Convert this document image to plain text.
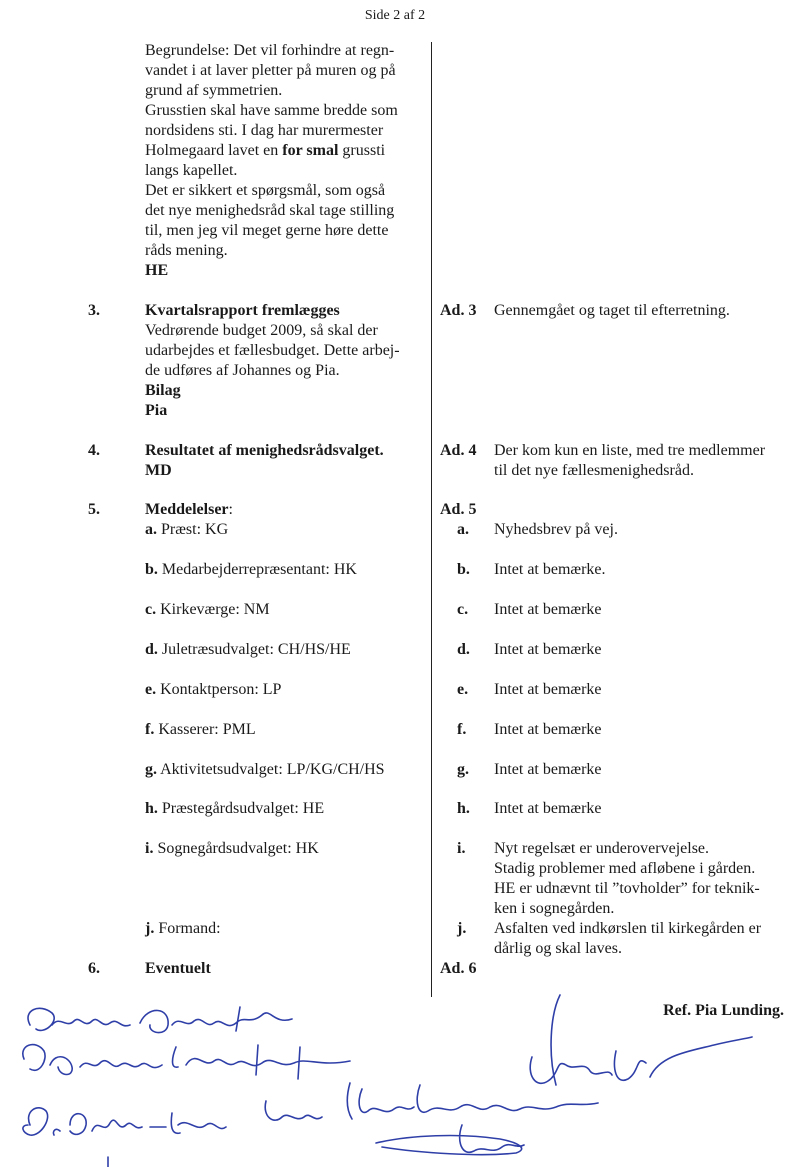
Side 2 af 2
Begrundelse: Det vil forhindre at regn-
vandet i at laver pletter på muren og på
grund af symmetrien.
Grusstien skal have samme bredde som
nordsidens sti. I dag har murermester
Holmegaard lavet en for smal grussti
langs kapellet.
Det er sikkert et spørgsmål, som også
det nye menighedsråd skal tage stilling
til, men jeg vil meget gerne høre dette
råds mening.
HE
3.	Kvartalsrapport fremlægges
Vedrørende budget 2009, så skal der
udarbejdes et fællesbudget. Dette arbej-
de udføres af Johannes og Pia.
Bilag
Pia
Ad. 3	Gennemgået og taget til efterretning.
4.	Resultatet af menighedsrådsvalget.
MD
Ad. 4	Der kom kun en liste, med tre medlemmer
til det nye fællesmenighedsråd.
5.	Meddelelser:	Ad. 5
a. Præst: KG	a.	Nyhedsbrev på vej.
b. Medarbejderrepræsentant: HK	b.	Intet at bemærke.
c. Kirkeværge: NM	c.	Intet at bemærke
d. Juletræsudvalget: CH/HS/HE	d.	Intet at bemærke
e. Kontaktperson: LP	e.	Intet at bemærke
f. Kasserer: PML	f.	Intet at bemærke
g. Aktivitetsudvalget: LP/KG/CH/HS	g.	Intet at bemærke
h. Præstegårdsudvalget: HE	h.	Intet at bemærke
i. Sognegårdsudvalget: HK	i.	Nyt regelsæt er underovervejelse.
Stadig problemer med afløbene i gården.
HE er udnævnt til ”tovholder” for teknik-
ken i sognegården.
j. Formand:	j.	Asfalten ved indkørslen til kirkegården er
dårlig og skal laves.
6.	Eventuelt	Ad. 6
Ref. Pia Lunding.
